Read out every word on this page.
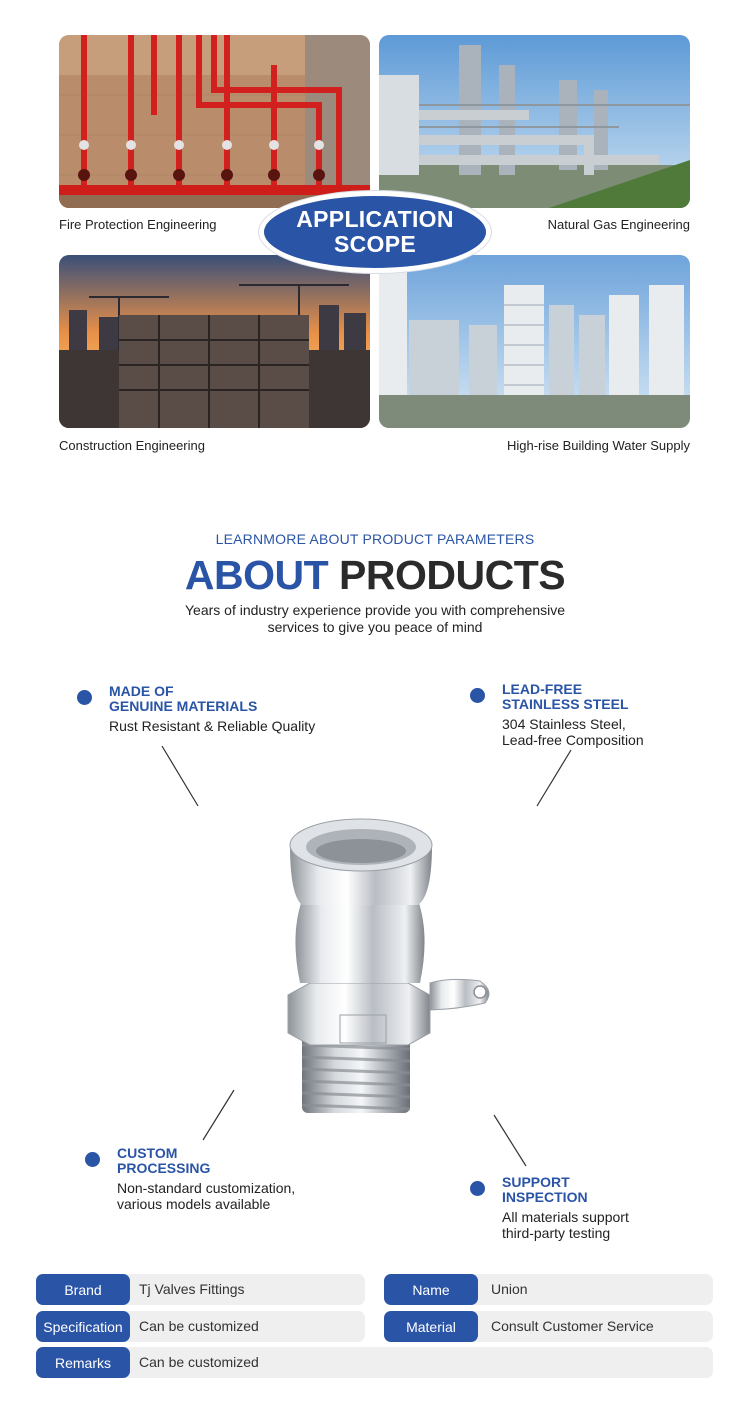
Fire Protection Engineering	Natural Gas Engineering
Construction Engineering	High-rise Building Water Supply
APPLICATION
SCOPE
LEARNMORE ABOUT PRODUCT PARAMETERS
ABOUT PRODUCTS
Years of industry experience provide you with comprehensive
services to give you peace of mind
MADE OF
GENUINE MATERIALS
Rust Resistant & Reliable Quality
LEAD-FREE
STAINLESS STEEL
304 Stainless Steel,
Lead-free Composition
CUSTOM
PROCESSING
Non-standard customization,
various models available
SUPPORT
INSPECTION
All materials support
third-party testing
Brand	Tj Valves Fittings	Name	Union
Specification	Can be customized	Material	Consult Customer Service
Remarks	Can be customized
